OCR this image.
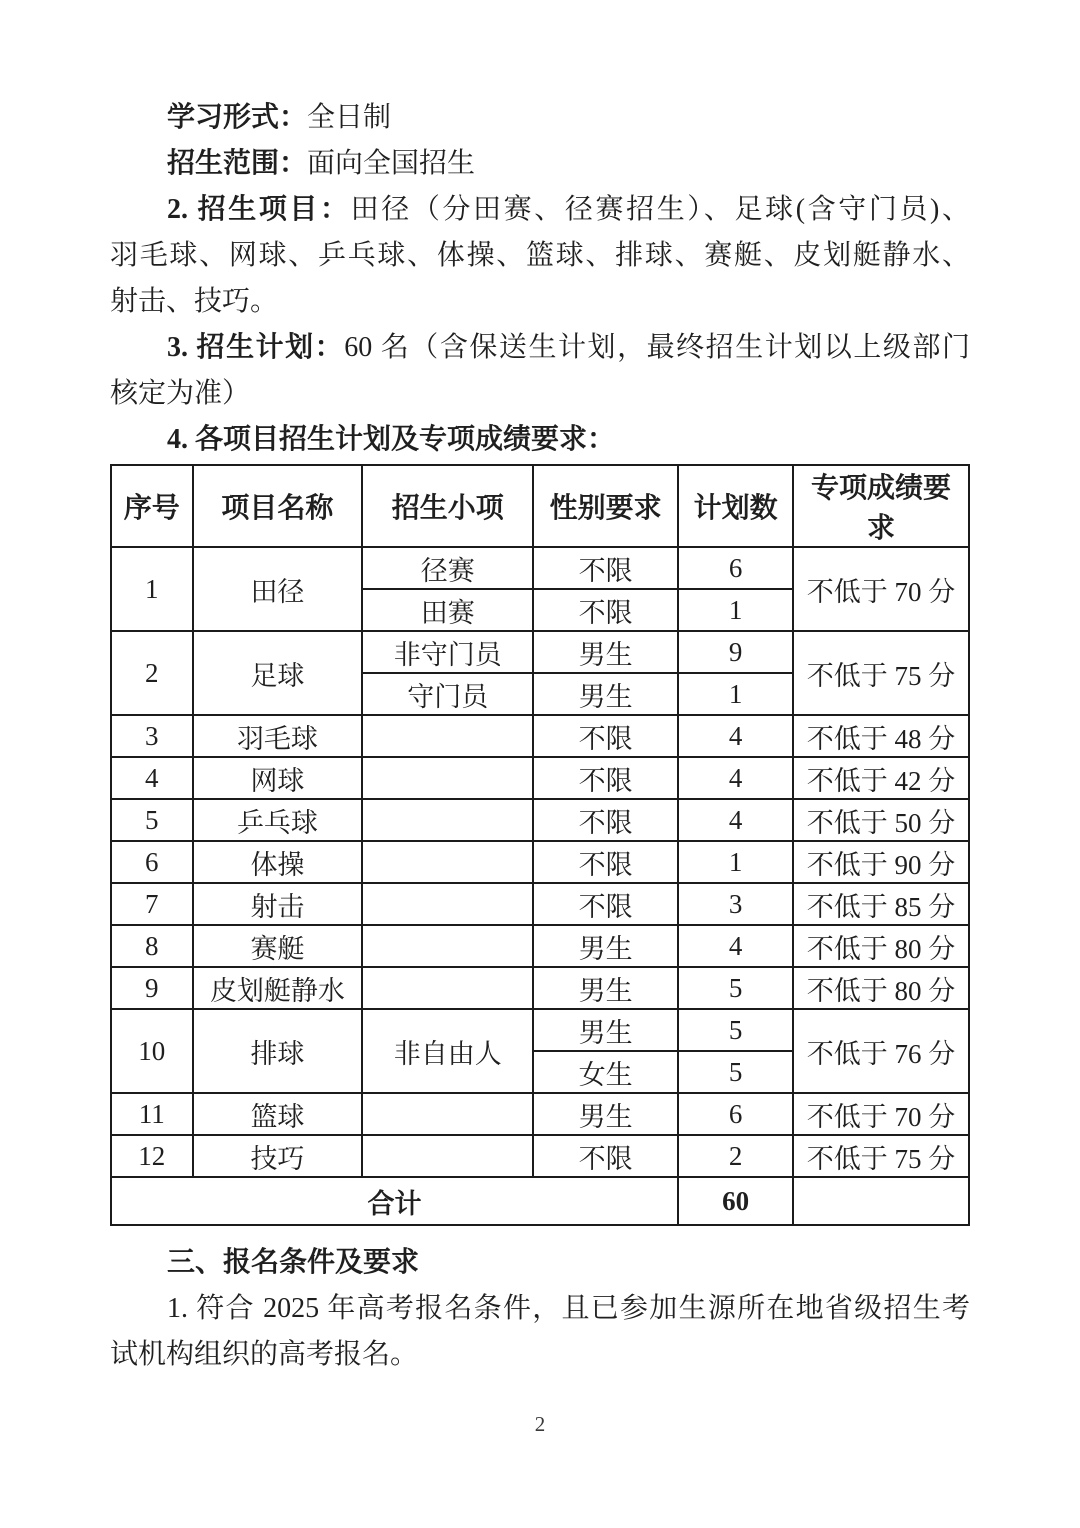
学习形式：全日制
招生范围：面向全国招生
2. 招生项目：田径（分田赛、径赛招生）、足球(含守门员)、
羽毛球、网球、乒乓球、体操、篮球、排球、赛艇、皮划艇静水、
射击、技巧。
3. 招生计划：60 名（含保送生计划，最终招生计划以上级部门
核定为准）
4. 各项目招生计划及专项成绩要求：
序号	项目名称	招生小项	性别要求	计划数	专项成绩要求
1	田径	径赛	不限	6	不低于 70 分
		田赛	不限	1	
2	足球	非守门员	男生	9	不低于 75 分
		守门员	男生	1	
3	羽毛球		不限	4	不低于 48 分
4	网球		不限	4	不低于 42 分
5	乒乓球		不限	4	不低于 50 分
6	体操		不限	1	不低于 90 分
7	射击		不限	3	不低于 85 分
8	赛艇		男生	4	不低于 80 分
9	皮划艇静水		男生	5	不低于 80 分
10	排球	非自由人	男生	5	不低于 76 分
			女生	5	
11	篮球		男生	6	不低于 70 分
12	技巧		不限	2	不低于 75 分
合计				60	
三、报名条件及要求
1. 符合 2025 年高考报名条件，且已参加生源所在地省级招生考
试机构组织的高考报名。
2
